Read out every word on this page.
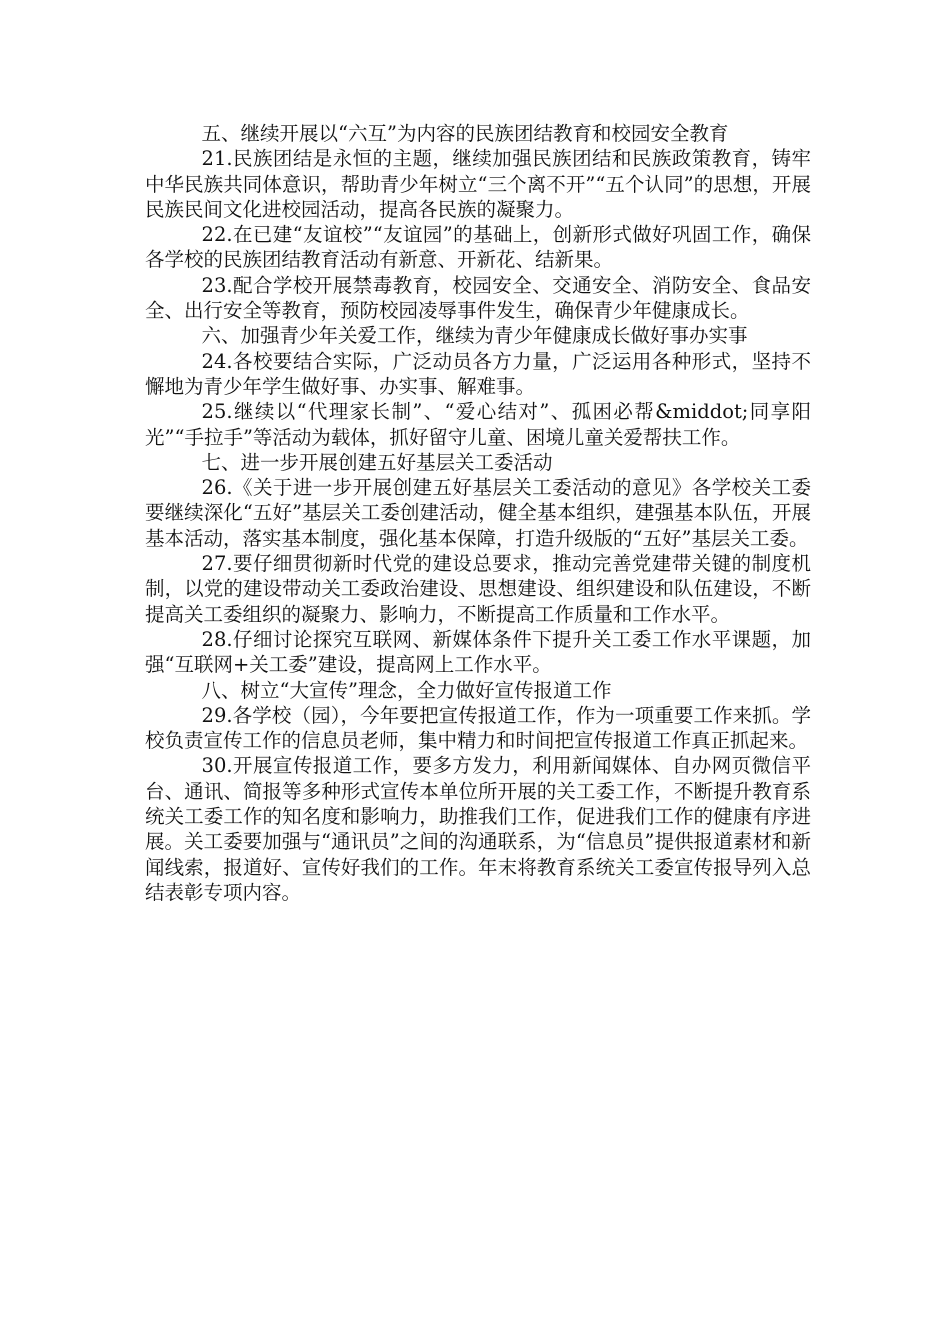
五、继续开展以“六互”为内容的民族团结教育和校园安全教育

21.民族团结是永恒的主题，继续加强民族团结和民族政策教育，铸牢中华民族共同体意识，帮助青少年树立“三个离不开”“五个认同”的思想，开展民族民间文化进校园活动，提高各民族的凝聚力。

22.在已建“友谊校”“友谊园”的基础上，创新形式做好巩固工作，确保各学校的民族团结教育活动有新意、开新花、结新果。

23.配合学校开展禁毒教育，校园安全、交通安全、消防安全、食品安全、出行安全等教育，预防校园凌辱事件发生，确保青少年健康成长。

六、加强青少年关爱工作，继续为青少年健康成长做好事办实事

24.各校要结合实际，广泛动员各方力量，广泛运用各种形式，坚持不懈地为青少年学生做好事、办实事、解难事。

25.继续以“代理家长制”、“爱心结对”、孤困必帮&middot;同享阳光”“手拉手”等活动为载体，抓好留守儿童、困境儿童关爱帮扶工作。

七、进一步开展创建五好基层关工委活动

26.《关于进一步开展创建五好基层关工委活动的意见》各学校关工委要继续深化“五好”基层关工委创建活动，健全基本组织，建强基本队伍，开展基本活动，落实基本制度，强化基本保障，打造升级版的“五好”基层关工委。

27.要仔细贯彻新时代党的建设总要求，推动完善党建带关键的制度机制，以党的建设带动关工委政治建设、思想建设、组织建设和队伍建设，不断提高关工委组织的凝聚力、影响力，不断提高工作质量和工作水平。

28.仔细讨论探究互联网、新媒体条件下提升关工委工作水平课题，加强“互联网+关工委”建设，提高网上工作水平。

八、树立“大宣传”理念，全力做好宣传报道工作

29.各学校（园），今年要把宣传报道工作，作为一项重要工作来抓。学校负责宣传工作的信息员老师，集中精力和时间把宣传报道工作真正抓起来。

30.开展宣传报道工作，要多方发力，利用新闻媒体、自办网页微信平台、通讯、简报等多种形式宣传本单位所开展的关工委工作，不断提升教育系统关工委工作的知名度和影响力，助推我们工作，促进我们工作的健康有序进展。关工委要加强与“通讯员”之间的沟通联系，为“信息员”提供报道素材和新闻线索，报道好、宣传好我们的工作。年末将教育系统关工委宣传报导列入总结表彰专项内容。
